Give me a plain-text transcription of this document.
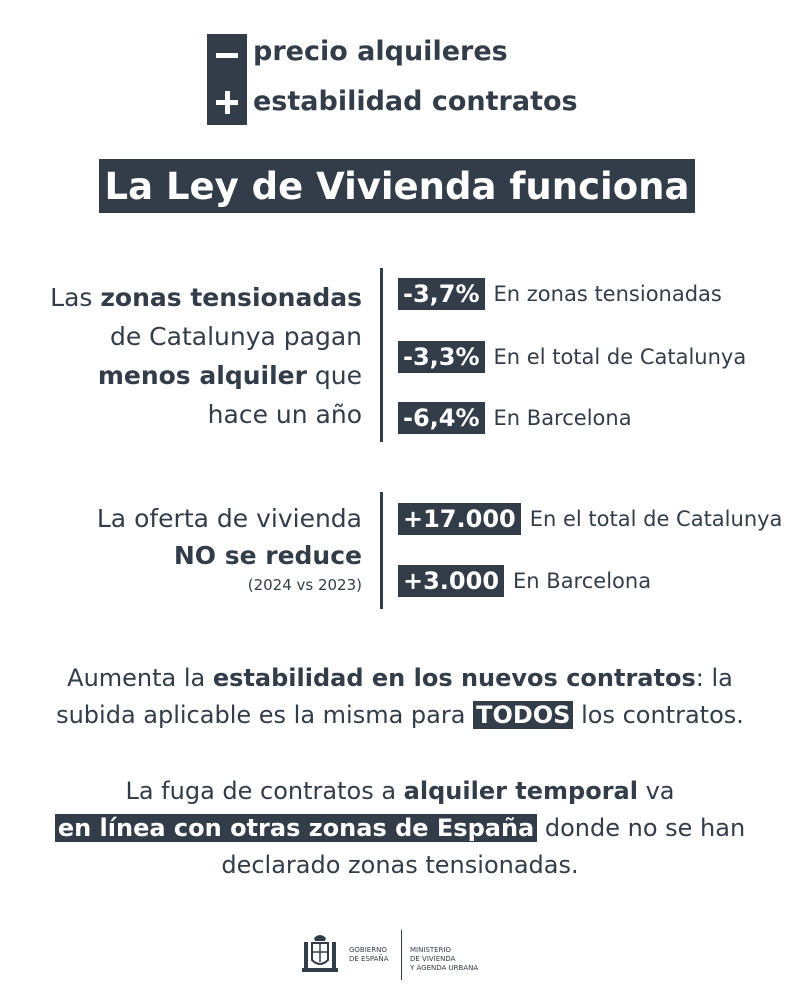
precio alquileres
estabilidad contratos
La Ley de Vivienda funciona
Las zonas tensionadas
de Catalunya pagan
menos alquiler que
hace un año
-3,7% En zonas tensionadas
-3,3% En el total de Catalunya
-6,4% En Barcelona
La oferta de vivienda
NO se reduce
(2024 vs 2023)
+17.000 En el total de Catalunya
+3.000 En Barcelona
Aumenta la estabilidad en los nuevos contratos: la
subida aplicable es la misma para TODOS los contratos.
La fuga de contratos a alquiler temporal va
en línea con otras zonas de España donde no se han
declarado zonas tensionadas.
GOBIERNO
DE ESPAÑA
MINISTERIO
DE VIVIENDA
Y AGENDA URBANA
